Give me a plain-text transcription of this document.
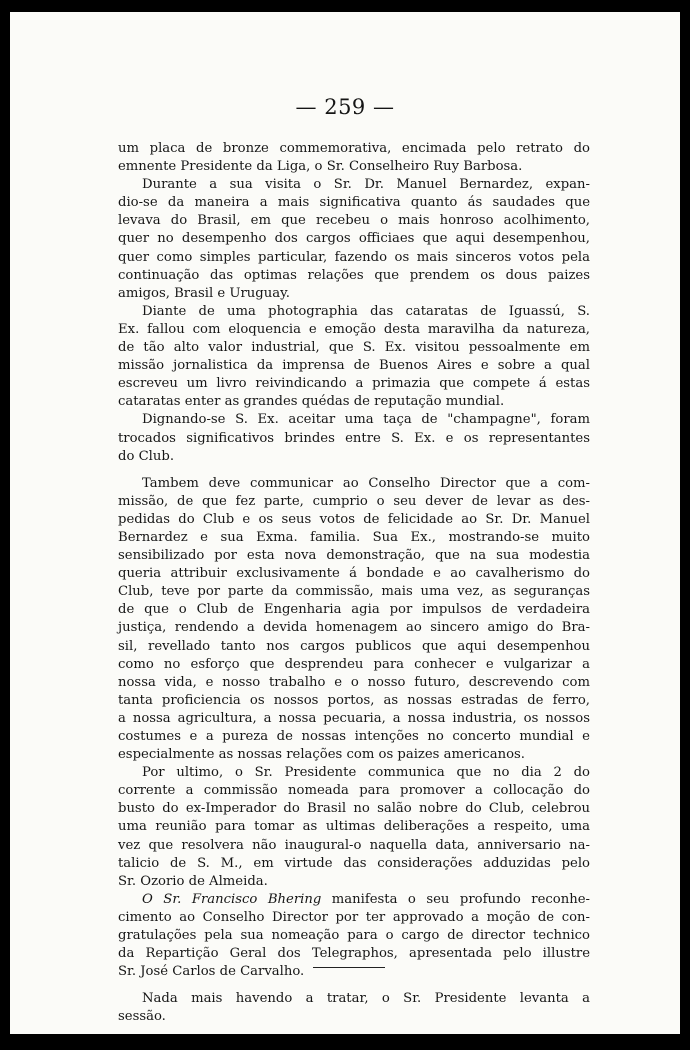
— 259 —
um placa de bronze commemorativa, encimada pelo retrato do
emnente Presidente da Liga, o Sr. Conselheiro Ruy Barbosa.
Durante a sua visita o Sr. Dr. Manuel Bernardez, expan-
dio-se da maneira a mais significativa quanto ás saudades que
levava do Brasil, em que recebeu o mais honroso acolhimento,
quer no desempenho dos cargos officiaes que aqui desempenhou,
quer como simples particular, fazendo os mais sinceros votos pela
continuação das optimas relações que prendem os dous paizes
amigos, Brasil e Uruguay.
Diante de uma photographia das cataratas de Iguassú, S.
Ex. fallou com eloquencia e emoção desta maravilha da natureza,
de tão alto valor industrial, que S. Ex. visitou pessoalmente em
missão jornalistica da imprensa de Buenos Aires e sobre a qual
escreveu um livro reivindicando a primazia que compete á estas
cataratas enter as grandes quédas de reputação mundial.
Dignando-se S. Ex. aceitar uma taça de "champagne", foram
trocados significativos brindes entre S. Ex. e os representantes
do Club.
Tambem deve communicar ao Conselho Director que a com-
missão, de que fez parte, cumprio o seu dever de levar as des-
pedidas do Club e os seus votos de felicidade ao Sr. Dr. Manuel
Bernardez e sua Exma. familia. Sua Ex., mostrando-se muito
sensibilizado por esta nova demonstração, que na sua modestia
queria attribuir exclusivamente á bondade e ao cavalherismo do
Club, teve por parte da commissão, mais uma vez, as seguranças
de que o Club de Engenharia agia por impulsos de verdadeira
justiça, rendendo a devida homenagem ao sincero amigo do Bra-
sil, revellado tanto nos cargos publicos que aqui desempenhou
como no esforço que desprendeu para conhecer e vulgarizar a
nossa vida, e nosso trabalho e o nosso futuro, descrevendo com
tanta proficiencia os nossos portos, as nossas estradas de ferro,
a nossa agricultura, a nossa pecuaria, a nossa industria, os nossos
costumes e a pureza de nossas intenções no concerto mundial e
especialmente as nossas relações com os paizes americanos.
Por ultimo, o Sr. Presidente communica que no dia 2 do
corrente a commissão nomeada para promover a collocação do
busto do ex-Imperador do Brasil no salão nobre do Club, celebrou
uma reunião para tomar as ultimas deliberações a respeito, uma
vez que resolvera não inaugural-o naquella data, anniversario na-
talicio de S. M., em virtude das considerações adduzidas pelo
Sr. Ozorio de Almeida.
O Sr. Francisco Bhering manifesta o seu profundo reconhe-
cimento ao Conselho Director por ter approvado a moção de con-
gratulações pela sua nomeação para o cargo de director technico
da Repartição Geral dos Telegraphos, apresentada pelo illustre
Sr. José Carlos de Carvalho.
Nada mais havendo a tratar, o Sr. Presidente levanta a
sessão.
